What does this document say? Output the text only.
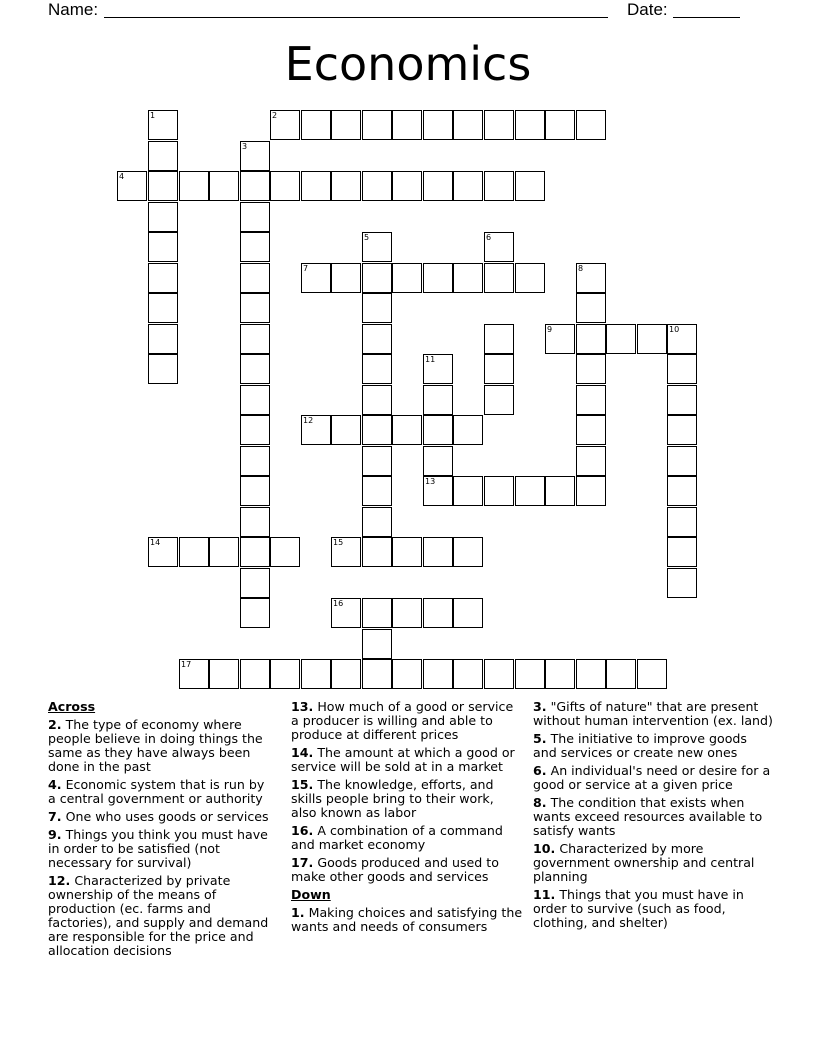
Name:	Date:
Economics
1	2
3
4
5	6
7	8
9	10
11
12
13
14	15
16
17
Across
2. The type of economy where people believe in doing things the same as they have always been done in the past
4. Economic system that is run by a central government or authority
7. One who uses goods or services
9. Things you think you must have in order to be satisfied (not necessary for survival)
12. Characterized by private ownership of the means of production (ec. farms and factories), and supply and demand are responsible for the price and allocation decisions
13. How much of a good or service a producer is willing and able to produce at different prices
14. The amount at which a good or service will be sold at in a market
15. The knowledge, efforts, and skills people bring to their work, also known as labor
16. A combination of a command and market economy
17. Goods produced and used to make other goods and services
Down
1. Making choices and satisfying the wants and needs of consumers
3. "Gifts of nature" that are present without human intervention (ex. land)
5. The initiative to improve goods and services or create new ones
6. An individual's need or desire for a good or service at a given price
8. The condition that exists when wants exceed resources available to satisfy wants
10. Characterized by more government ownership and central planning
11. Things that you must have in order to survive (such as food, clothing, and shelter)
